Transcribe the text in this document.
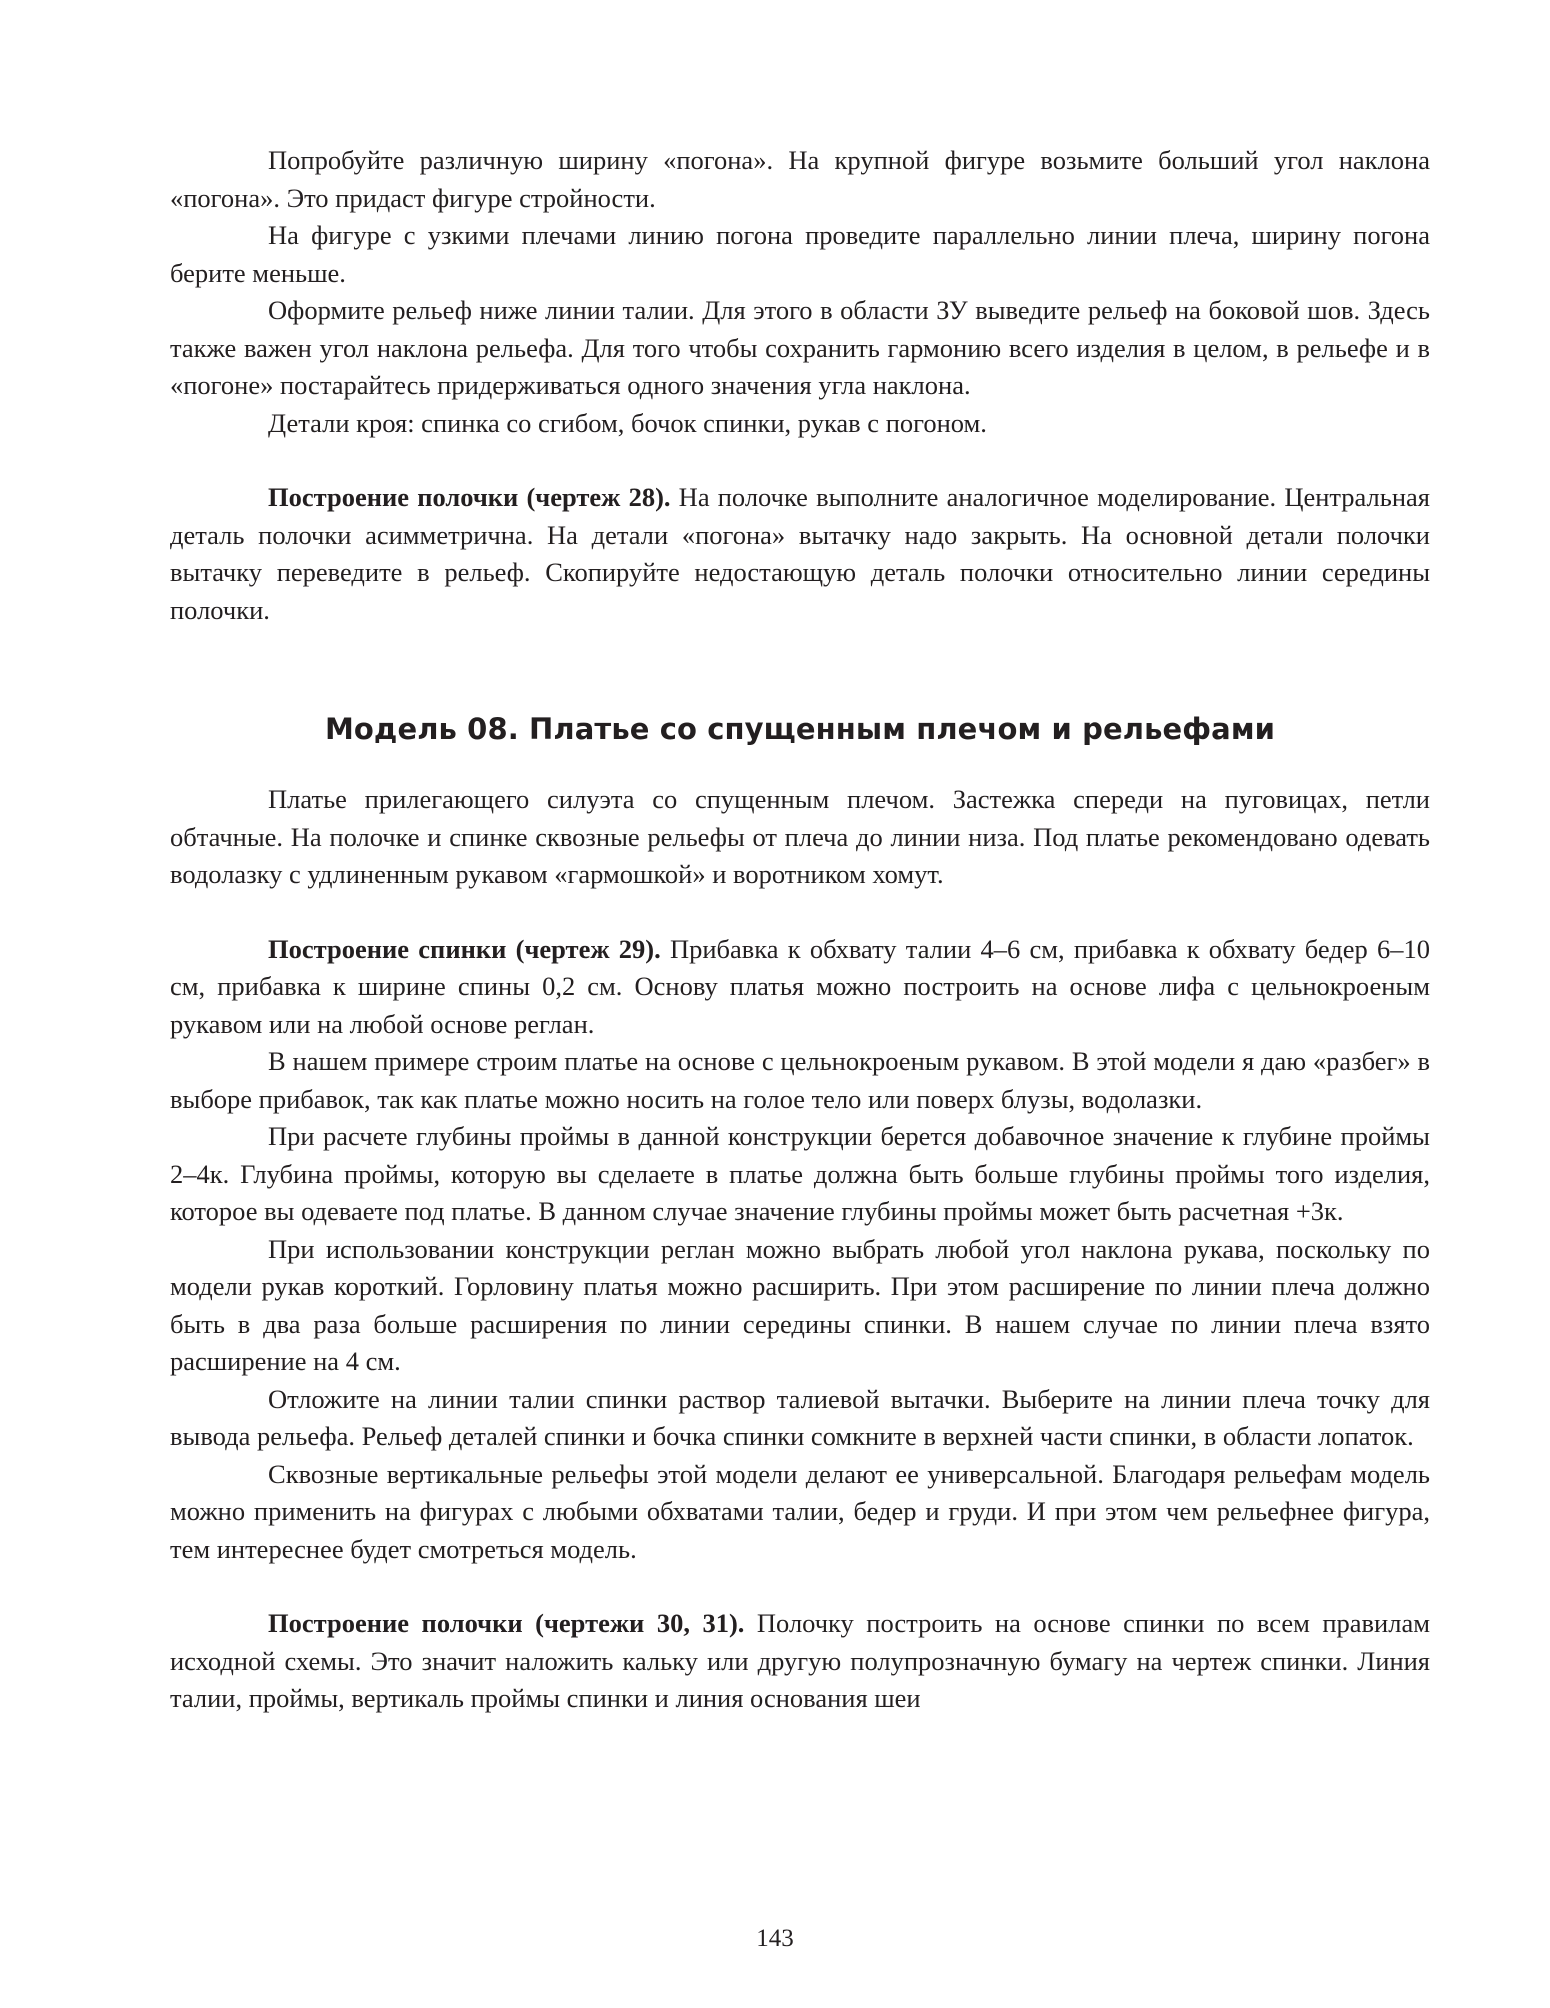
Попробуйте различную ширину «погона». На крупной фигуре возьмите больший угол наклона «погона». Это придаст фигуре стройности.

На фигуре с узкими плечами линию погона проведите параллельно линии плеча, ширину погона берите меньше.

Оформите рельеф ниже линии талии. Для этого в области ЗУ выведите рельеф на боковой шов. Здесь также важен угол наклона рельефа. Для того чтобы сохранить гармонию всего изделия в целом, в рельефе и в «погоне» постарайтесь придерживаться одного значения угла наклона.

Детали кроя: спинка со сгибом, бочок спинки, рукав с погоном.

Построение полочки (чертеж 28). На полочке выполните аналогичное моделирование. Центральная деталь полочки асимметрична. На детали «погона» вытачку надо закрыть. На основной детали полочки вытачку переведите в рельеф. Скопируйте недостающую деталь полочки относительно линии середины полочки.

Модель 08. Платье со спущенным плечом и рельефами

Платье прилегающего силуэта со спущенным плечом. Застежка спереди на пуговицах, петли обтачные. На полочке и спинке сквозные рельефы от плеча до линии низа. Под платье рекомендовано одевать водолазку с удлиненным рукавом «гармошкой» и воротником хомут.

Построение спинки (чертеж 29). Прибавка к обхвату талии 4–6 см, прибавка к обхвату бедер 6–10 см, прибавка к ширине спины 0,2 см. Основу платья можно построить на основе лифа с цельнокроеным рукавом или на любой основе реглан.

В нашем примере строим платье на основе с цельнокроеным рукавом. В этой модели я даю «разбег» в выборе прибавок, так как платье можно носить на голое тело или поверх блузы, водолазки.

При расчете глубины проймы в данной конструкции берется добавочное значение к глубине проймы 2–4к. Глубина проймы, которую вы сделаете в платье должна быть больше глубины проймы того изделия, которое вы одеваете под платье. В данном случае значение глубины проймы может быть расчетная +3к.

При использовании конструкции реглан можно выбрать любой угол наклона рукава, поскольку по модели рукав короткий. Горловину платья можно расширить. При этом расширение по линии плеча должно быть в два раза больше расширения по линии середины спинки. В нашем случае по линии плеча взято расширение на 4 см.

Отложите на линии талии спинки раствор талиевой вытачки. Выберите на линии плеча точку для вывода рельефа. Рельеф деталей спинки и бочка спинки сомкните в верхней части спинки, в области лопаток.

Сквозные вертикальные рельефы этой модели делают ее универсальной. Благодаря рельефам модель можно применить на фигурах с любыми обхватами талии, бедер и груди. И при этом чем рельефнее фигура, тем интереснее будет смотреться модель.

Построение полочки (чертежи 30, 31). Полочку построить на основе спинки по всем правилам исходной схемы. Это значит наложить кальку или другую полупрозначную бумагу на чертеж спинки. Линия талии, проймы, вертикаль проймы спинки и линия основания шеи

143
